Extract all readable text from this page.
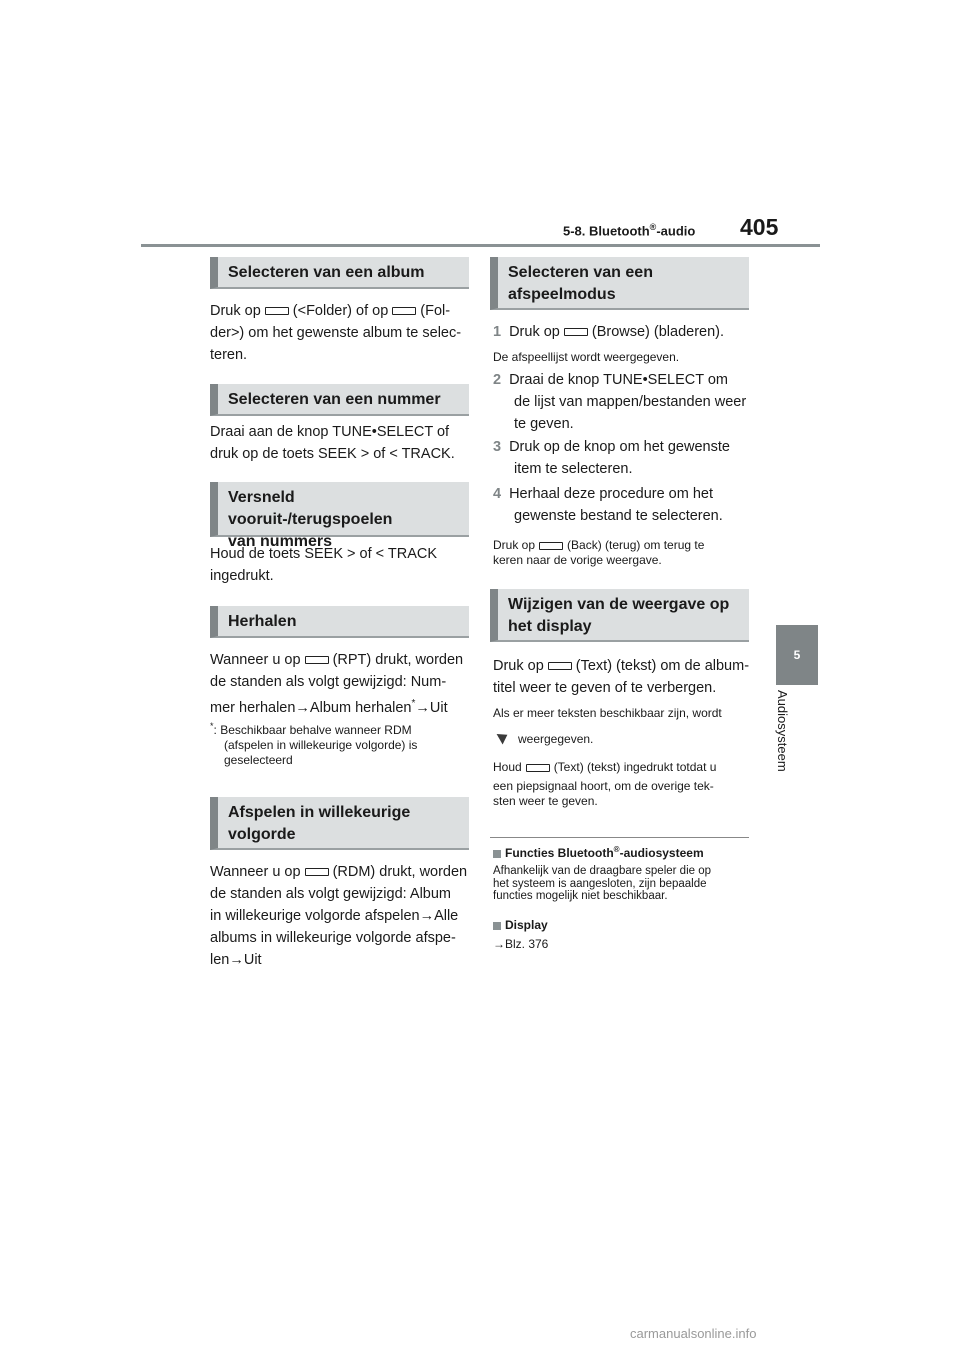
5-8. Bluetooth®-audio 405
5
Audiosysteem
Selecteren van een album
Druk op (<Folder) of op (Fol-
der>) om het gewenste album te selec-
teren.
Selecteren van een nummer
Draai aan de knop TUNE•SELECT of
druk op de toets SEEK > of < TRACK.
Versneld vooruit-/terugspoelen
van nummers
Houd de toets SEEK > of < TRACK
ingedrukt.
Herhalen
Wanneer u op (RPT) drukt, worden
de standen als volgt gewijzigd: Num-
mer herhalen→Album herhalen*→Uit
*: Beschikbaar behalve wanneer RDM
(afspelen in willekeurige volgorde) is
geselecteerd
Afspelen in willekeurige
volgorde
Wanneer u op (RDM) drukt, worden
de standen als volgt gewijzigd: Album
in willekeurige volgorde afspelen→Alle
albums in willekeurige volgorde afspe-
len→Uit
Selecteren van een
afspeelmodus
1 Druk op (Browse) (bladeren).
De afspeellijst wordt weergegeven.
2 Draai de knop TUNE•SELECT om
de lijst van mappen/bestanden weer
te geven.
3 Druk op de knop om het gewenste
item te selecteren.
4 Herhaal deze procedure om het
gewenste bestand te selecteren.
Druk op	(Back) (terug) om terug te
keren naar de vorige weergave.
Wijzigen van de weergave op
het display
Druk op (Text) (tekst) om de album-
titel weer te geven of te verbergen.
Als er meer teksten beschikbaar zijn, wordt
weergegeven.
Houd	(Text) (tekst) ingedrukt totdat u
een piepsignaal hoort, om de overige tek-
sten weer te geven.
Functies Bluetooth®-audiosysteem
Afhankelijk van de draagbare speler die op
het systeem is aangesloten, zijn bepaalde
functies mogelijk niet beschikbaar.
Display
→Blz. 376
carmanualsonline.info
